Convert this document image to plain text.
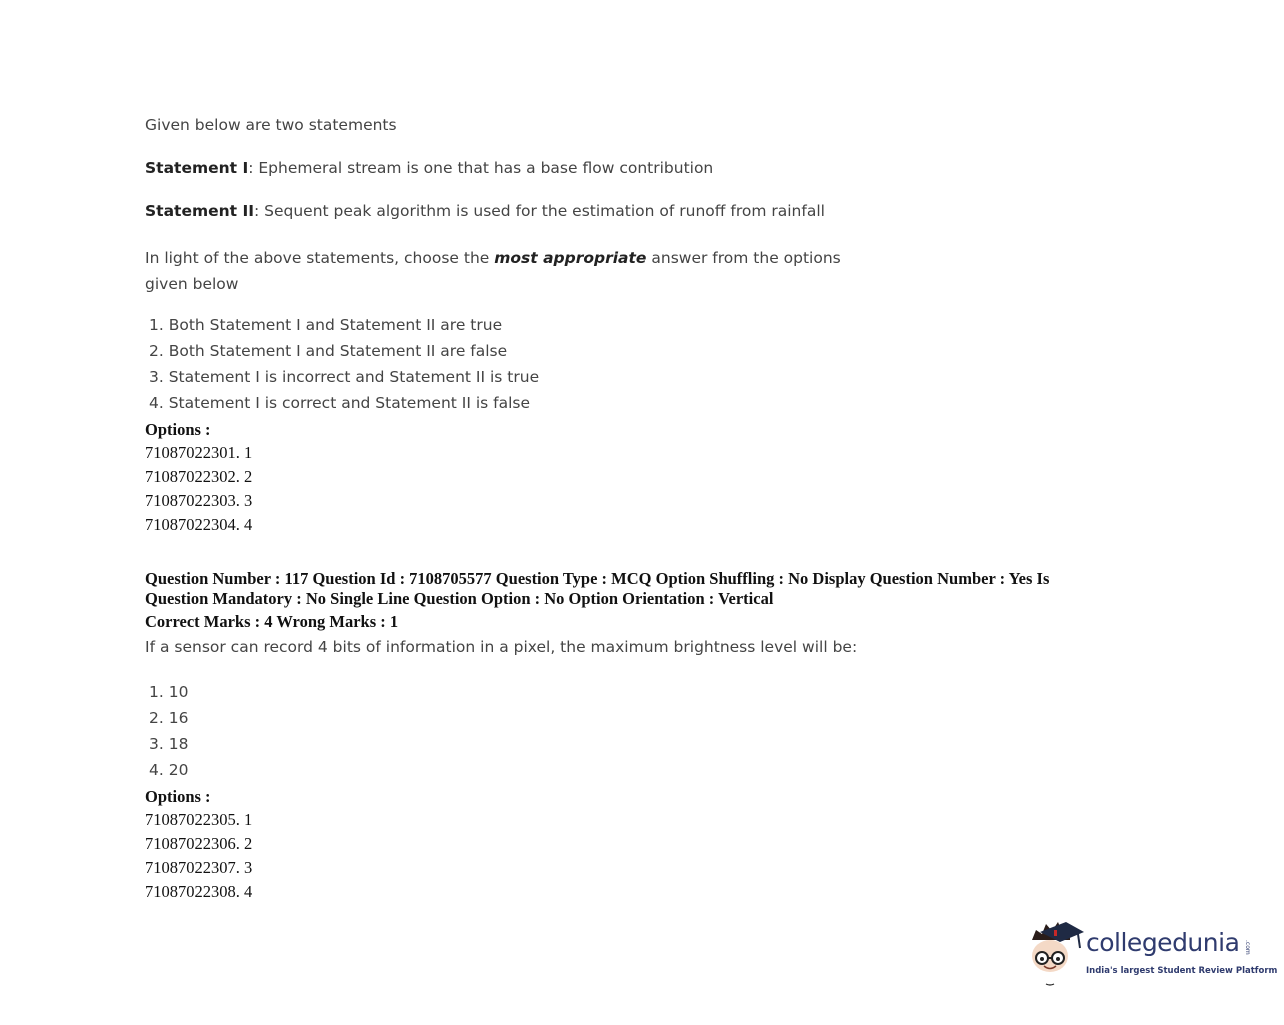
Given below are two statements
Statement I: Ephemeral stream is one that has a base flow contribution
Statement II: Sequent peak algorithm is used for the estimation of runoff from rainfall
In light of the above statements, choose the most appropriate answer from the options given below
1. Both Statement I and Statement II are true
2. Both Statement I and Statement II are false
3. Statement I is incorrect and Statement II is true
4. Statement I is correct and Statement II is false
Options :
71087022301. 1
71087022302. 2
71087022303. 3
71087022304. 4
Question Number : 117 Question Id : 7108705577 Question Type : MCQ Option Shuffling : No Display Question Number : Yes Is
Question Mandatory : No Single Line Question Option : No Option Orientation : Vertical
Correct Marks : 4 Wrong Marks : 1
If a sensor can record 4 bits of information in a pixel, the maximum brightness level will be:
1. 10
2. 16
3. 18
4. 20
Options :
71087022305. 1
71087022306. 2
71087022307. 3
71087022308. 4
collegedunia .com
India's largest Student Review Platform
